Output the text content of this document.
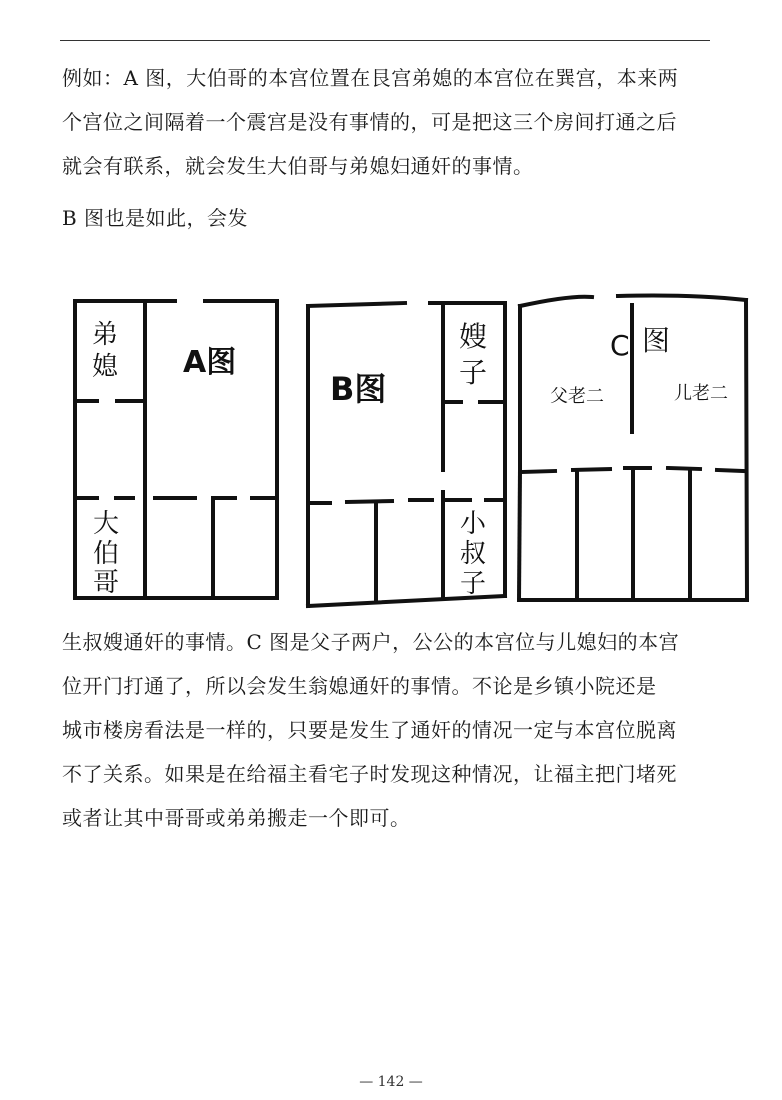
例如：A 图，大伯哥的本宫位置在艮宫弟媳的本宫位在巽宫，本来两
个宫位之间隔着一个震宫是没有事情的，可是把这三个房间打通之后
就会有联系，就会发生大伯哥与弟媳妇通奸的事情。
B 图也是如此，会发
弟
媳 A图
大
伯
哥
B图
嫂
子
小
叔
子
C 图
父老二	儿老二
生叔嫂通奸的事情。C 图是父子两户，公公的本宫位与儿媳妇的本宫
位开门打通了，所以会发生翁媳通奸的事情。不论是乡镇小院还是
城市楼房看法是一样的，只要是发生了通奸的情况一定与本宫位脱离
不了关系。如果是在给福主看宅子时发现这种情况，让福主把门堵死
或者让其中哥哥或弟弟搬走一个即可。
— 142 —
